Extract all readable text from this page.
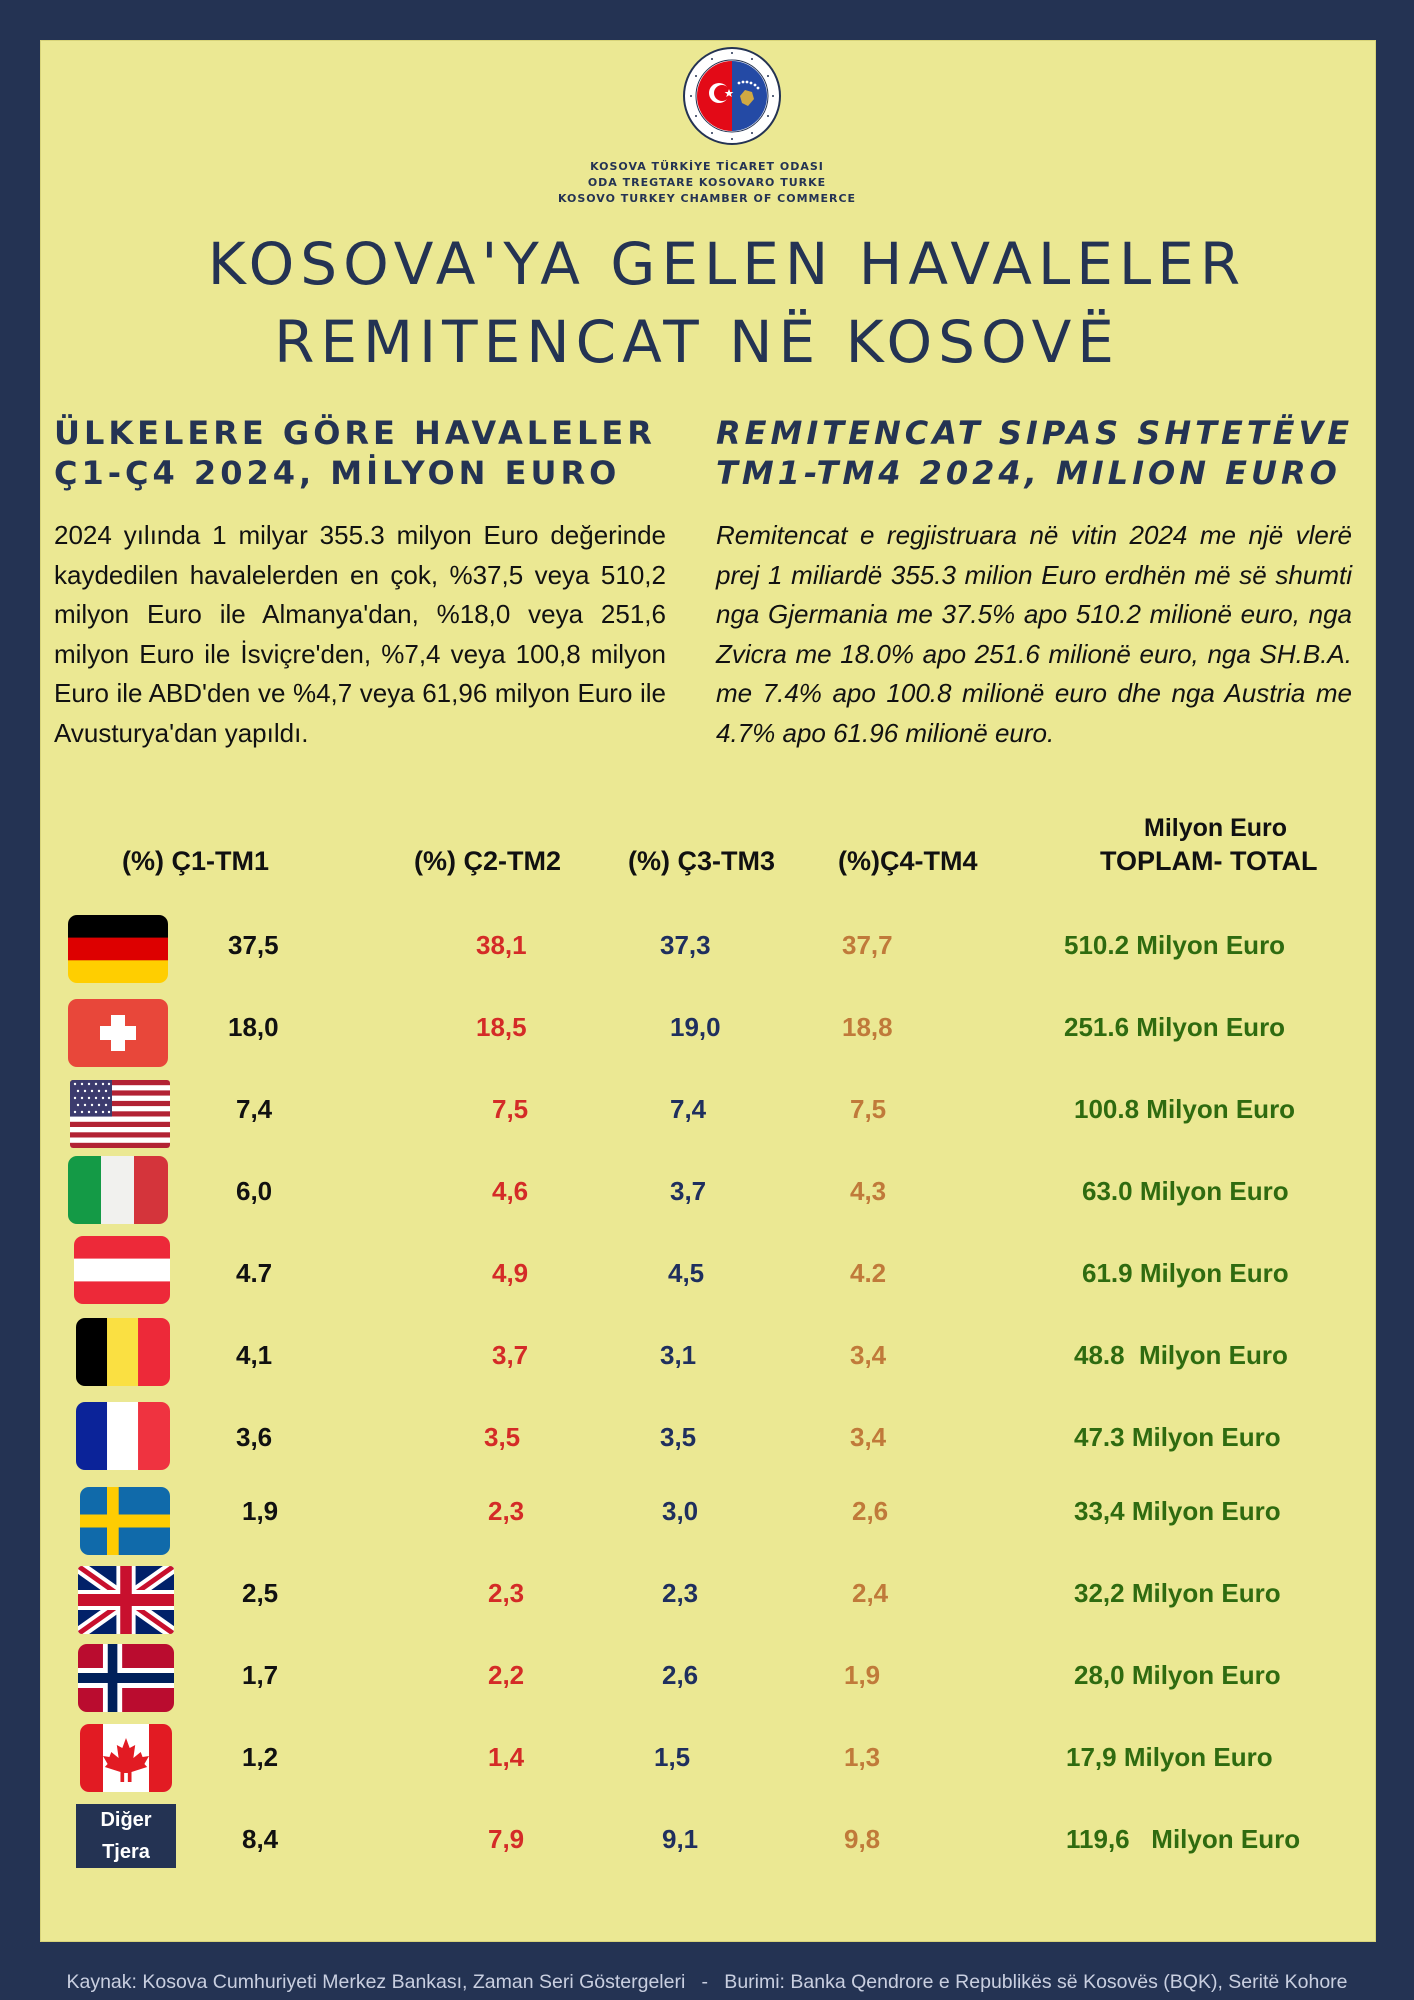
KOSOVA TÜRKİYE TİCARET ODASI
ODA TREGTARE KOSOVARO TURKE
KOSOVO TURKEY CHAMBER OF COMMERCE
KOSOVA'YA GELEN HAVALELER
REMITENCAT NË KOSOVË
ÜLKELERE GÖRE HAVALELER
Ç1-Ç4 2024, MİLYON EURO
REMITENCAT SIPAS SHTETËVE
TM1-TM4 2024, MILION EURO
2024 yılında 1 milyar 355.3 milyon Euro değerinde kaydedilen havalelerden en çok, %37,5 veya 510,2 milyon Euro ile Almanya'dan, %18,0 veya 251,6 milyon Euro ile İsviçre'den, %7,4 veya 100,8 milyon Euro ile ABD'den ve %4,7 veya 61,96 milyon Euro ile Avusturya'dan yapıldı.
Remitencat e regjistruara në vitin 2024 me një vlerë prej 1 miliardë 355.3 milion Euro erdhën më së shumti nga Gjermania me 37.5% apo 510.2 milionë euro, nga Zvicra me 18.0% apo 251.6 milionë euro, nga SH.B.A. me 7.4% apo 100.8 milionë euro dhe nga Austria me 4.7% apo 61.96 milionë euro.
(%) Ç1-TM1	(%) Ç2-TM2 (%) Ç3-TM3 (%)Ç4-TM4
Milyon Euro
TOPLAM- TOTAL
Diğer
Tjera
37,5	38,1	37,3	37,7	510.2 Milyon Euro
18,0	18,5	19,0	18,8	251.6 Milyon Euro
7,4	7,5	7,4	7,5	100.8 Milyon Euro
6,0	4,6	3,7	4,3	63.0 Milyon Euro
4.7	4,9	4,5	4.2	61.9 Milyon Euro
4,1	3,7	3,1	3,4	48.8  Milyon Euro
3,6	3,5	3,5	3,4	47.3 Milyon Euro
1,9	2,3	3,0	2,6	33,4 Milyon Euro
2,5	2,3	2,3	2,4	32,2 Milyon Euro
1,7	2,2	2,6	1,9	28,0 Milyon Euro
1,2	1,4	1,5	1,3	17,9 Milyon Euro
8,4	7,9	9,1	9,8	119,6   Milyon Euro
Kaynak: Kosova Cumhuriyeti Merkez Bankası, Zaman Seri Göstergeleri   -   Burimi: Banka Qendrore e Republikës së Kosovës (BQK), Seritë Kohore
